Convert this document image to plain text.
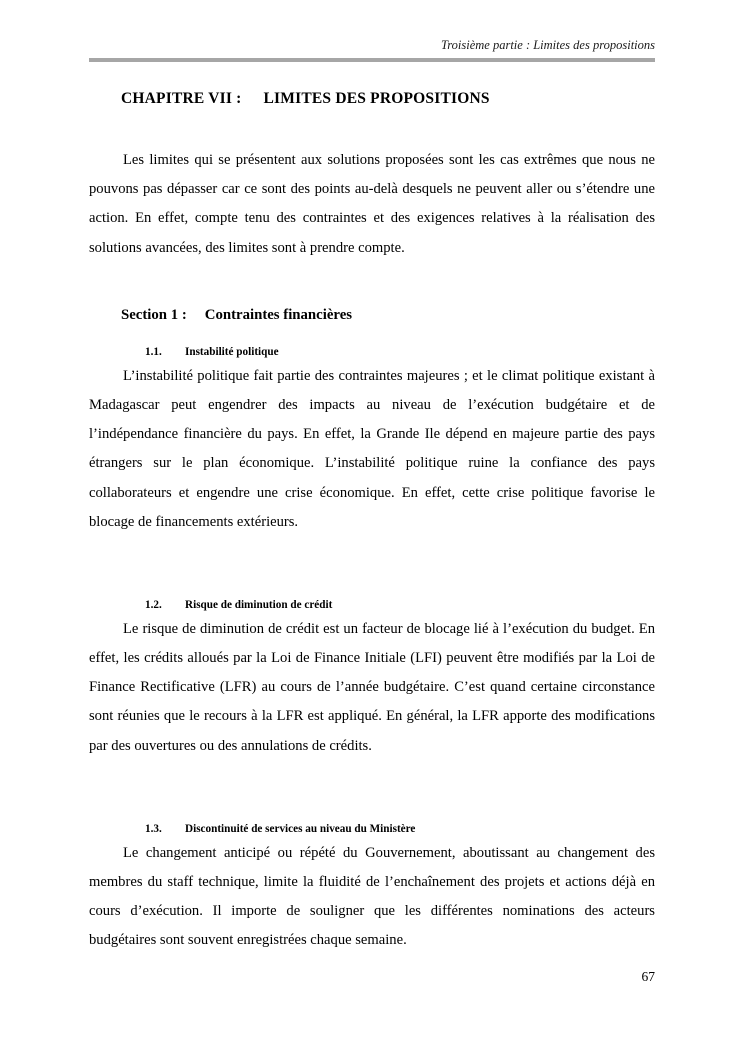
Troisième partie : Limites des propositions
CHAPITRE VII : LIMITES DES PROPOSITIONS

Les limites qui se présentent aux solutions proposées sont les cas extrêmes que nous ne pouvons pas dépasser car ce sont des points au-delà desquels ne peuvent aller ou s’étendre une action. En effet, compte tenu des contraintes et des exigences relatives à la réalisation des solutions avancées, des limites sont à prendre compte.

Section 1 : Contraintes financières
1.1. Instabilité politique

L’instabilité politique fait partie des contraintes majeures ; et le climat politique existant à Madagascar peut engendrer des impacts au niveau de l’exécution budgétaire et de l’indépendance financière du pays. En effet, la Grande Ile dépend en majeure partie des pays étrangers sur le plan économique. L’instabilité politique ruine la confiance des pays collaborateurs et engendre une crise économique. En effet, cette crise politique favorise le blocage de financements extérieurs.

1.2. Risque de diminution de crédit

Le risque de diminution de crédit est un facteur de blocage lié à l’exécution du budget. En effet, les crédits alloués par la Loi de Finance Initiale (LFI) peuvent être modifiés par la Loi de Finance Rectificative (LFR) au cours de l’année budgétaire. C’est quand certaine circonstance sont réunies que le recours à la LFR est appliqué. En général, la LFR apporte des modifications par des ouvertures ou des annulations de crédits.

1.3. Discontinuité de services au niveau du Ministère

Le changement anticipé ou répété du Gouvernement, aboutissant au changement des membres du staff technique, limite la fluidité de l’enchaînement des projets et actions déjà en cours d’exécution. Il importe de souligner que les différentes nominations des acteurs budgétaires sont souvent enregistrées chaque semaine.

67
